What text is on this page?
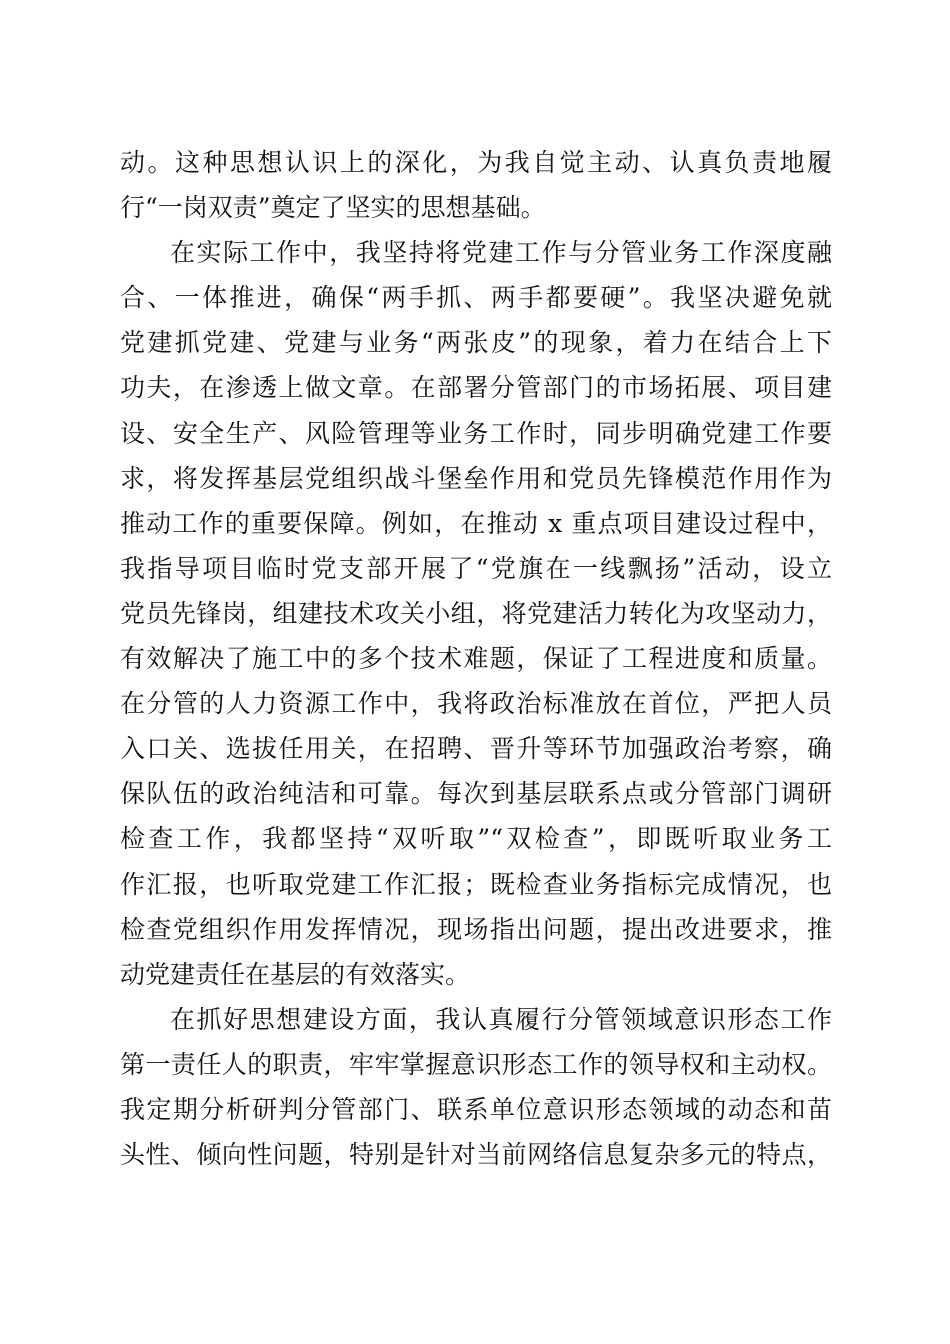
动。这种思想认识上的深化，为我自觉主动、认真负责地履
行“一岗双责”奠定了坚实的思想基础。
在实际工作中，我坚持将党建工作与分管业务工作深度融
合、一体推进，确保“两手抓、两手都要硬”。我坚决避免就
党建抓党建、党建与业务“两张皮”的现象，着力在结合上下
功夫，在渗透上做文章。在部署分管部门的市场拓展、项目建
设、安全生产、风险管理等业务工作时，同步明确党建工作要
求，将发挥基层党组织战斗堡垒作用和党员先锋模范作用作为
推动工作的重要保障。例如，在推动 x 重点项目建设过程中，
我指导项目临时党支部开展了“党旗在一线飘扬”活动，设立
党员先锋岗，组建技术攻关小组，将党建活力转化为攻坚动力，
有效解决了施工中的多个技术难题，保证了工程进度和质量。
在分管的人力资源工作中，我将政治标准放在首位，严把人员
入口关、选拔任用关，在招聘、晋升等环节加强政治考察，确
保队伍的政治纯洁和可靠。每次到基层联系点或分管部门调研
检查工作，我都坚持“双听取”“双检查”，即既听取业务工
作汇报，也听取党建工作汇报；既检查业务指标完成情况，也
检查党组织作用发挥情况，现场指出问题，提出改进要求，推
动党建责任在基层的有效落实。
在抓好思想建设方面，我认真履行分管领域意识形态工作
第一责任人的职责，牢牢掌握意识形态工作的领导权和主动权。
我定期分析研判分管部门、联系单位意识形态领域的动态和苗
头性、倾向性问题，特别是针对当前网络信息复杂多元的特点，
